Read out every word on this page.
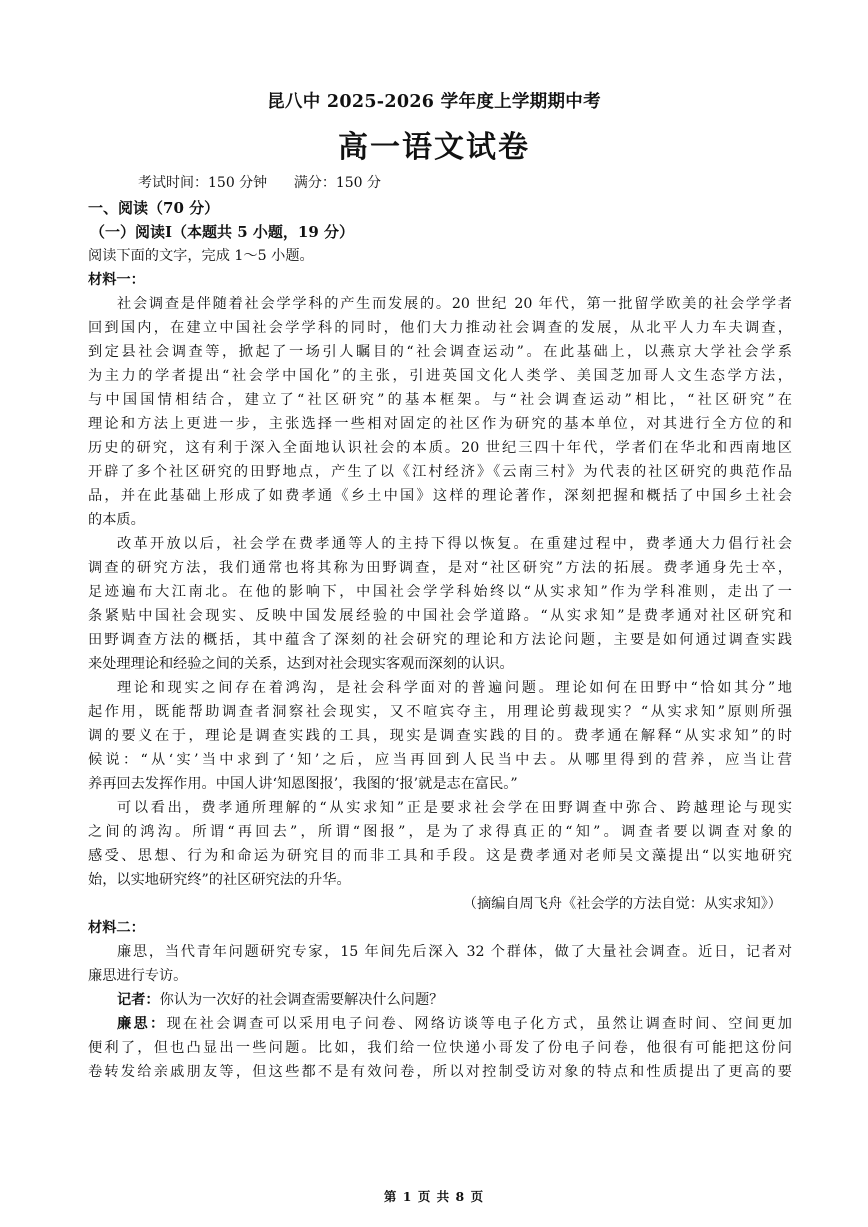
昆八中 2025-2026 学年度上学期期中考
高一语文试卷
考试时间：150 分钟      满分：150 分
一、阅读（70 分）
（一）阅读Ⅰ（本题共 5 小题，19 分）
阅读下面的文字，完成 1～5 小题。
材料一：
社会调查是伴随着社会学学科的产生而发展的。20 世纪 20 年代，第一批留学欧美的社会学学者
回到国内，在建立中国社会学学科的同时，他们大力推动社会调查的发展，从北平人力车夫调查，
到定县社会调查等，掀起了一场引人瞩目的“社会调查运动”。在此基础上，以燕京大学社会学系
为主力的学者提出“社会学中国化”的主张，引进英国文化人类学、美国芝加哥人文生态学方法，
与中国国情相结合，建立了“社区研究”的基本框架。与“社会调查运动”相比，“社区研究”在
理论和方法上更进一步，主张选择一些相对固定的社区作为研究的基本单位，对其进行全方位的和
历史的研究，这有利于深入全面地认识社会的本质。20 世纪三四十年代，学者们在华北和西南地区
开辟了多个社区研究的田野地点，产生了以《江村经济》《云南三村》为代表的社区研究的典范作品
品，并在此基础上形成了如费孝通《乡土中国》这样的理论著作，深刻把握和概括了中国乡土社会
的本质。
改革开放以后，社会学在费孝通等人的主持下得以恢复。在重建过程中，费孝通大力倡行社会
调查的研究方法，我们通常也将其称为田野调查，是对“社区研究”方法的拓展。费孝通身先士卒，
足迹遍布大江南北。在他的影响下，中国社会学学科始终以“从实求知”作为学科准则，走出了一
条紧贴中国社会现实、反映中国发展经验的中国社会学道路。“从实求知”是费孝通对社区研究和
田野调查方法的概括，其中蕴含了深刻的社会研究的理论和方法论问题，主要是如何通过调查实践
来处理理论和经验之间的关系，达到对社会现实客观而深刻的认识。
理论和现实之间存在着鸿沟，是社会科学面对的普遍问题。理论如何在田野中“恰如其分”地
起作用，既能帮助调查者洞察社会现实，又不喧宾夺主，用理论剪裁现实？“从实求知”原则所强
调的要义在于，理论是调查实践的工具，现实是调查实践的目的。费孝通在解释“从实求知”的时
候说：“从‘实’当中求到了‘知’之后，应当再回到人民当中去。从哪里得到的营养，应当让营
养再回去发挥作用。中国人讲‘知恩图报’，我图的‘报’就是志在富民。”
可以看出，费孝通所理解的“从实求知”正是要求社会学在田野调查中弥合、跨越理论与现实
之间的鸿沟。所谓“再回去”，所谓“图报”，是为了求得真正的“知”。调查者要以调查对象的
感受、思想、行为和命运为研究目的而非工具和手段。这是费孝通对老师吴文藻提出“以实地研究
始，以实地研究终”的社区研究法的升华。
（摘编自周飞舟《社会学的方法自觉：从实求知》）
材料二：
廉思，当代青年问题研究专家，15 年间先后深入 32 个群体，做了大量社会调查。近日，记者对
廉思进行专访。
记者：你认为一次好的社会调查需要解决什么问题？
廉思：现在社会调查可以采用电子问卷、网络访谈等电子化方式，虽然让调查时间、空间更加
便利了，但也凸显出一些问题。比如，我们给一位快递小哥发了份电子问卷，他很有可能把这份问
卷转发给亲戚朋友等，但这些都不是有效问卷，所以对控制受访对象的特点和性质提出了更高的要
第 1 页 共 8 页
